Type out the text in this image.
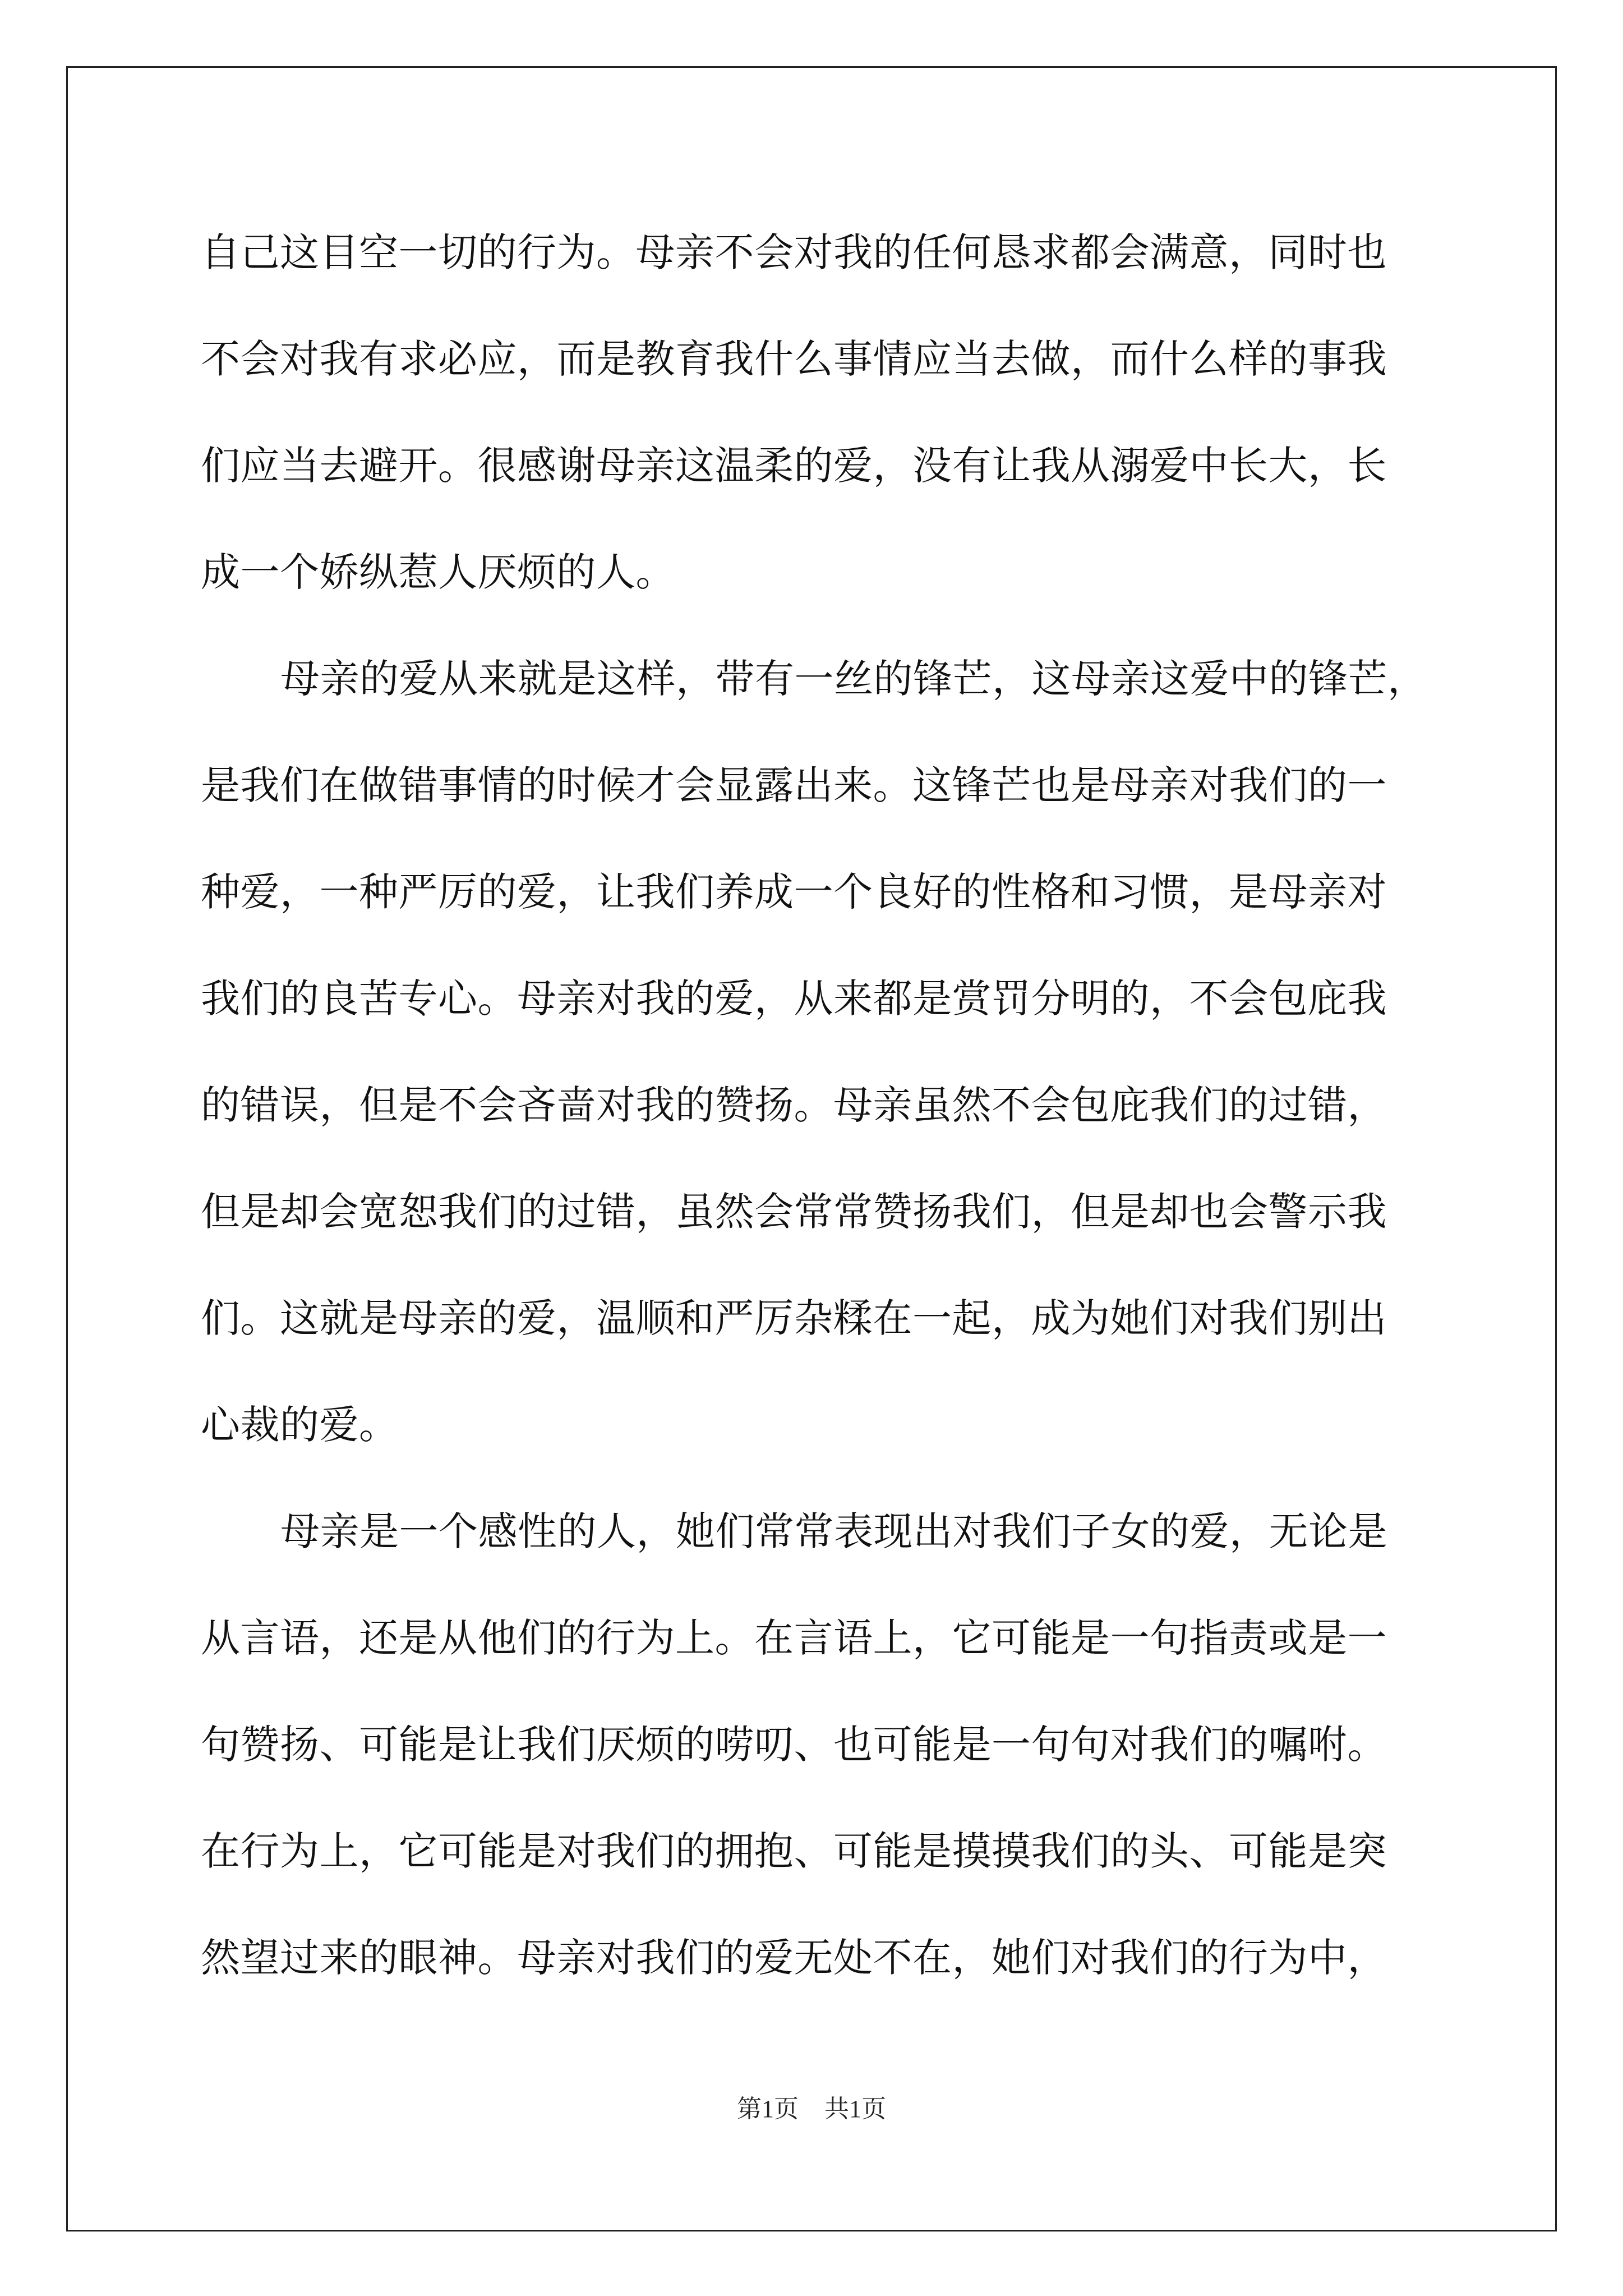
自己这目空一切的行为。母亲不会对我的任何恳求都会满意，同时也
不会对我有求必应，而是教育我什么事情应当去做，而什么样的事我
们应当去避开。很感谢母亲这温柔的爱，没有让我从溺爱中长大，长
成一个娇纵惹人厌烦的人。
母亲的爱从来就是这样，带有一丝的锋芒，这母亲这爱中的锋芒，
是我们在做错事情的时候才会显露出来。这锋芒也是母亲对我们的一
种爱，一种严厉的爱，让我们养成一个良好的性格和习惯，是母亲对
我们的良苦专心。母亲对我的爱，从来都是赏罚分明的，不会包庇我
的错误，但是不会吝啬对我的赞扬。母亲虽然不会包庇我们的过错，
但是却会宽恕我们的过错，虽然会常常赞扬我们，但是却也会警示我
们。这就是母亲的爱，温顺和严厉杂糅在一起，成为她们对我们别出
心裁的爱。
母亲是一个感性的人，她们常常表现出对我们子女的爱，无论是
从言语，还是从他们的行为上。在言语上，它可能是一句指责或是一
句赞扬、可能是让我们厌烦的唠叨、也可能是一句句对我们的嘱咐。
在行为上，它可能是对我们的拥抱、可能是摸摸我们的头、可能是突
然望过来的眼神。母亲对我们的爱无处不在，她们对我们的行为中，
第1页 共1页
